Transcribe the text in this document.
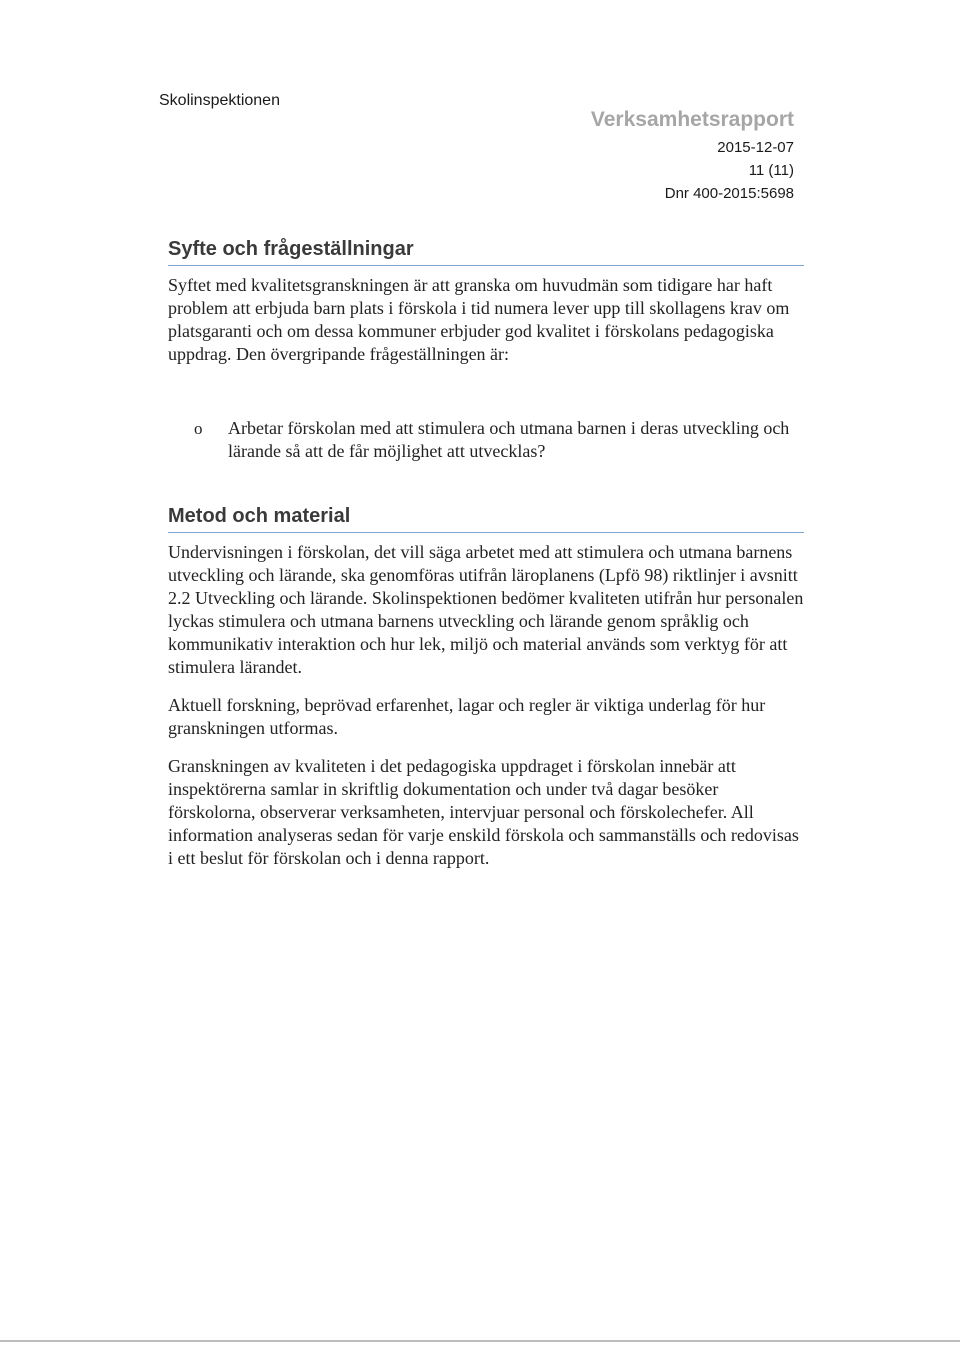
Skolinspektionen
Verksamhetsrapport
2015-12-07
11 (11)
Dnr 400-2015:5698
Syfte och frågeställningar

Syftet med kvalitetsgranskningen är att granska om huvudmän som tidigare har haft problem att erbjuda barn plats i förskola i tid numera lever upp till skollagens krav om platsgaranti och om dessa kommuner erbjuder god kvalitet i förskolans pedagogiska uppdrag. Den övergripande frågeställningen är:

o Arbetar förskolan med att stimulera och utmana barnen i deras utveckling och lärande så att de får möjlighet att utvecklas?
Metod och material

Undervisningen i förskolan, det vill säga arbetet med att stimulera och utmana barnens utveckling och lärande, ska genomföras utifrån läroplanens (Lpfö 98) riktlinjer i avsnitt 2.2 Utveckling och lärande. Skolinspektionen bedömer kvaliteten utifrån hur personalen lyckas stimulera och utmana barnens utveckling och lärande genom språklig och kommunikativ interaktion och hur lek, miljö och material används som verktyg för att stimulera lärandet.

Aktuell forskning, beprövad erfarenhet, lagar och regler är viktiga underlag för hur granskningen utformas.

Granskningen av kvaliteten i det pedagogiska uppdraget i förskolan innebär att inspektörerna samlar in skriftlig dokumentation och under två dagar besöker förskolorna, observerar verksamheten, intervjuar personal och förskolechefer. All information analyseras sedan för varje enskild förskola och sammanställs och redovisas i ett beslut för förskolan och i denna rapport.
